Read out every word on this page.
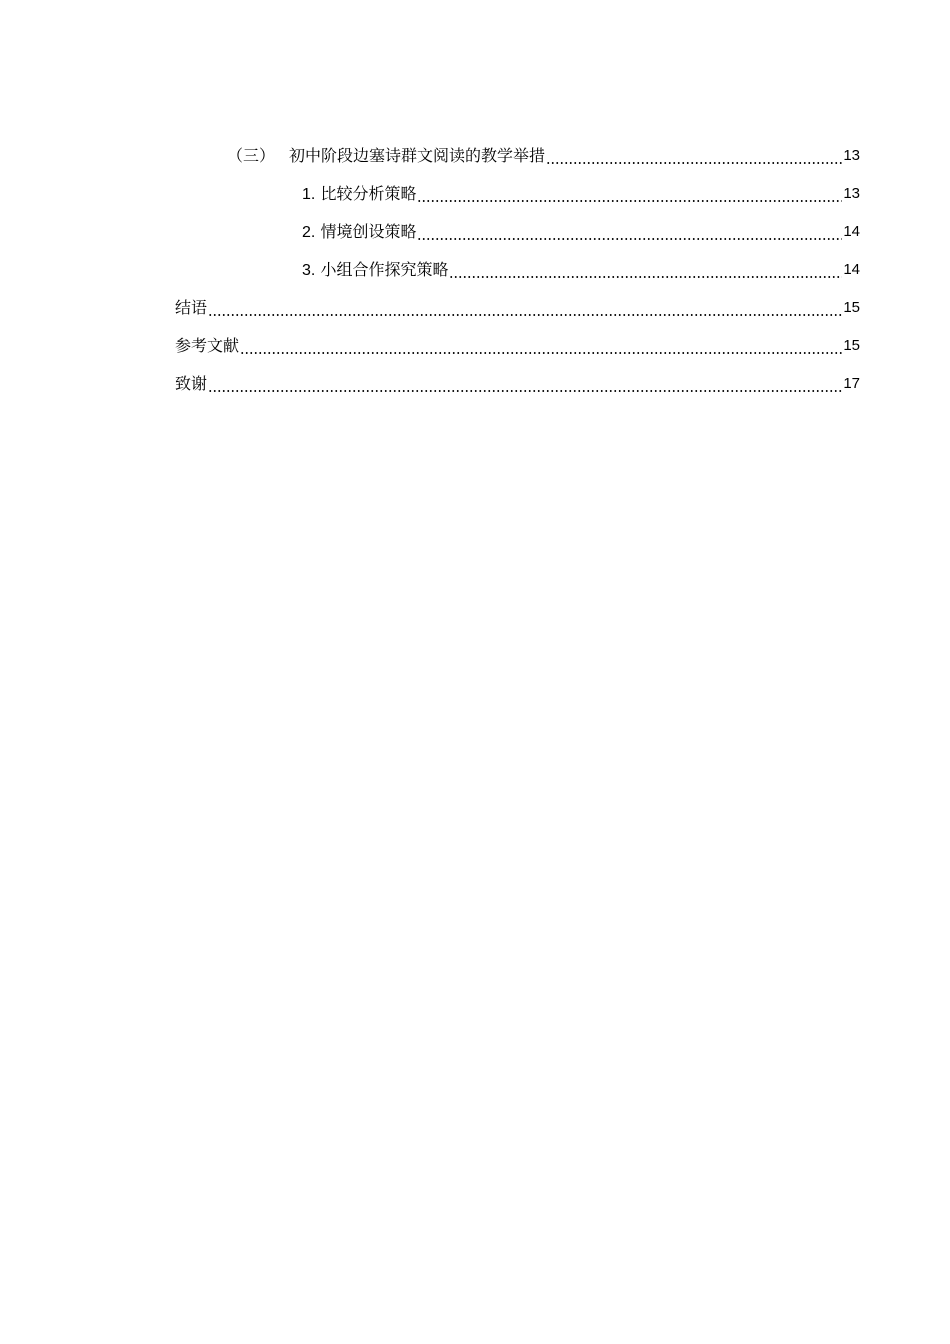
（三） 初中阶段边塞诗群文阅读的教学举措	13
1. 比较分析策略	13
2. 情境创设策略	14
3. 小组合作探究策略	14
结语	15
参考文献	15
致谢	17
